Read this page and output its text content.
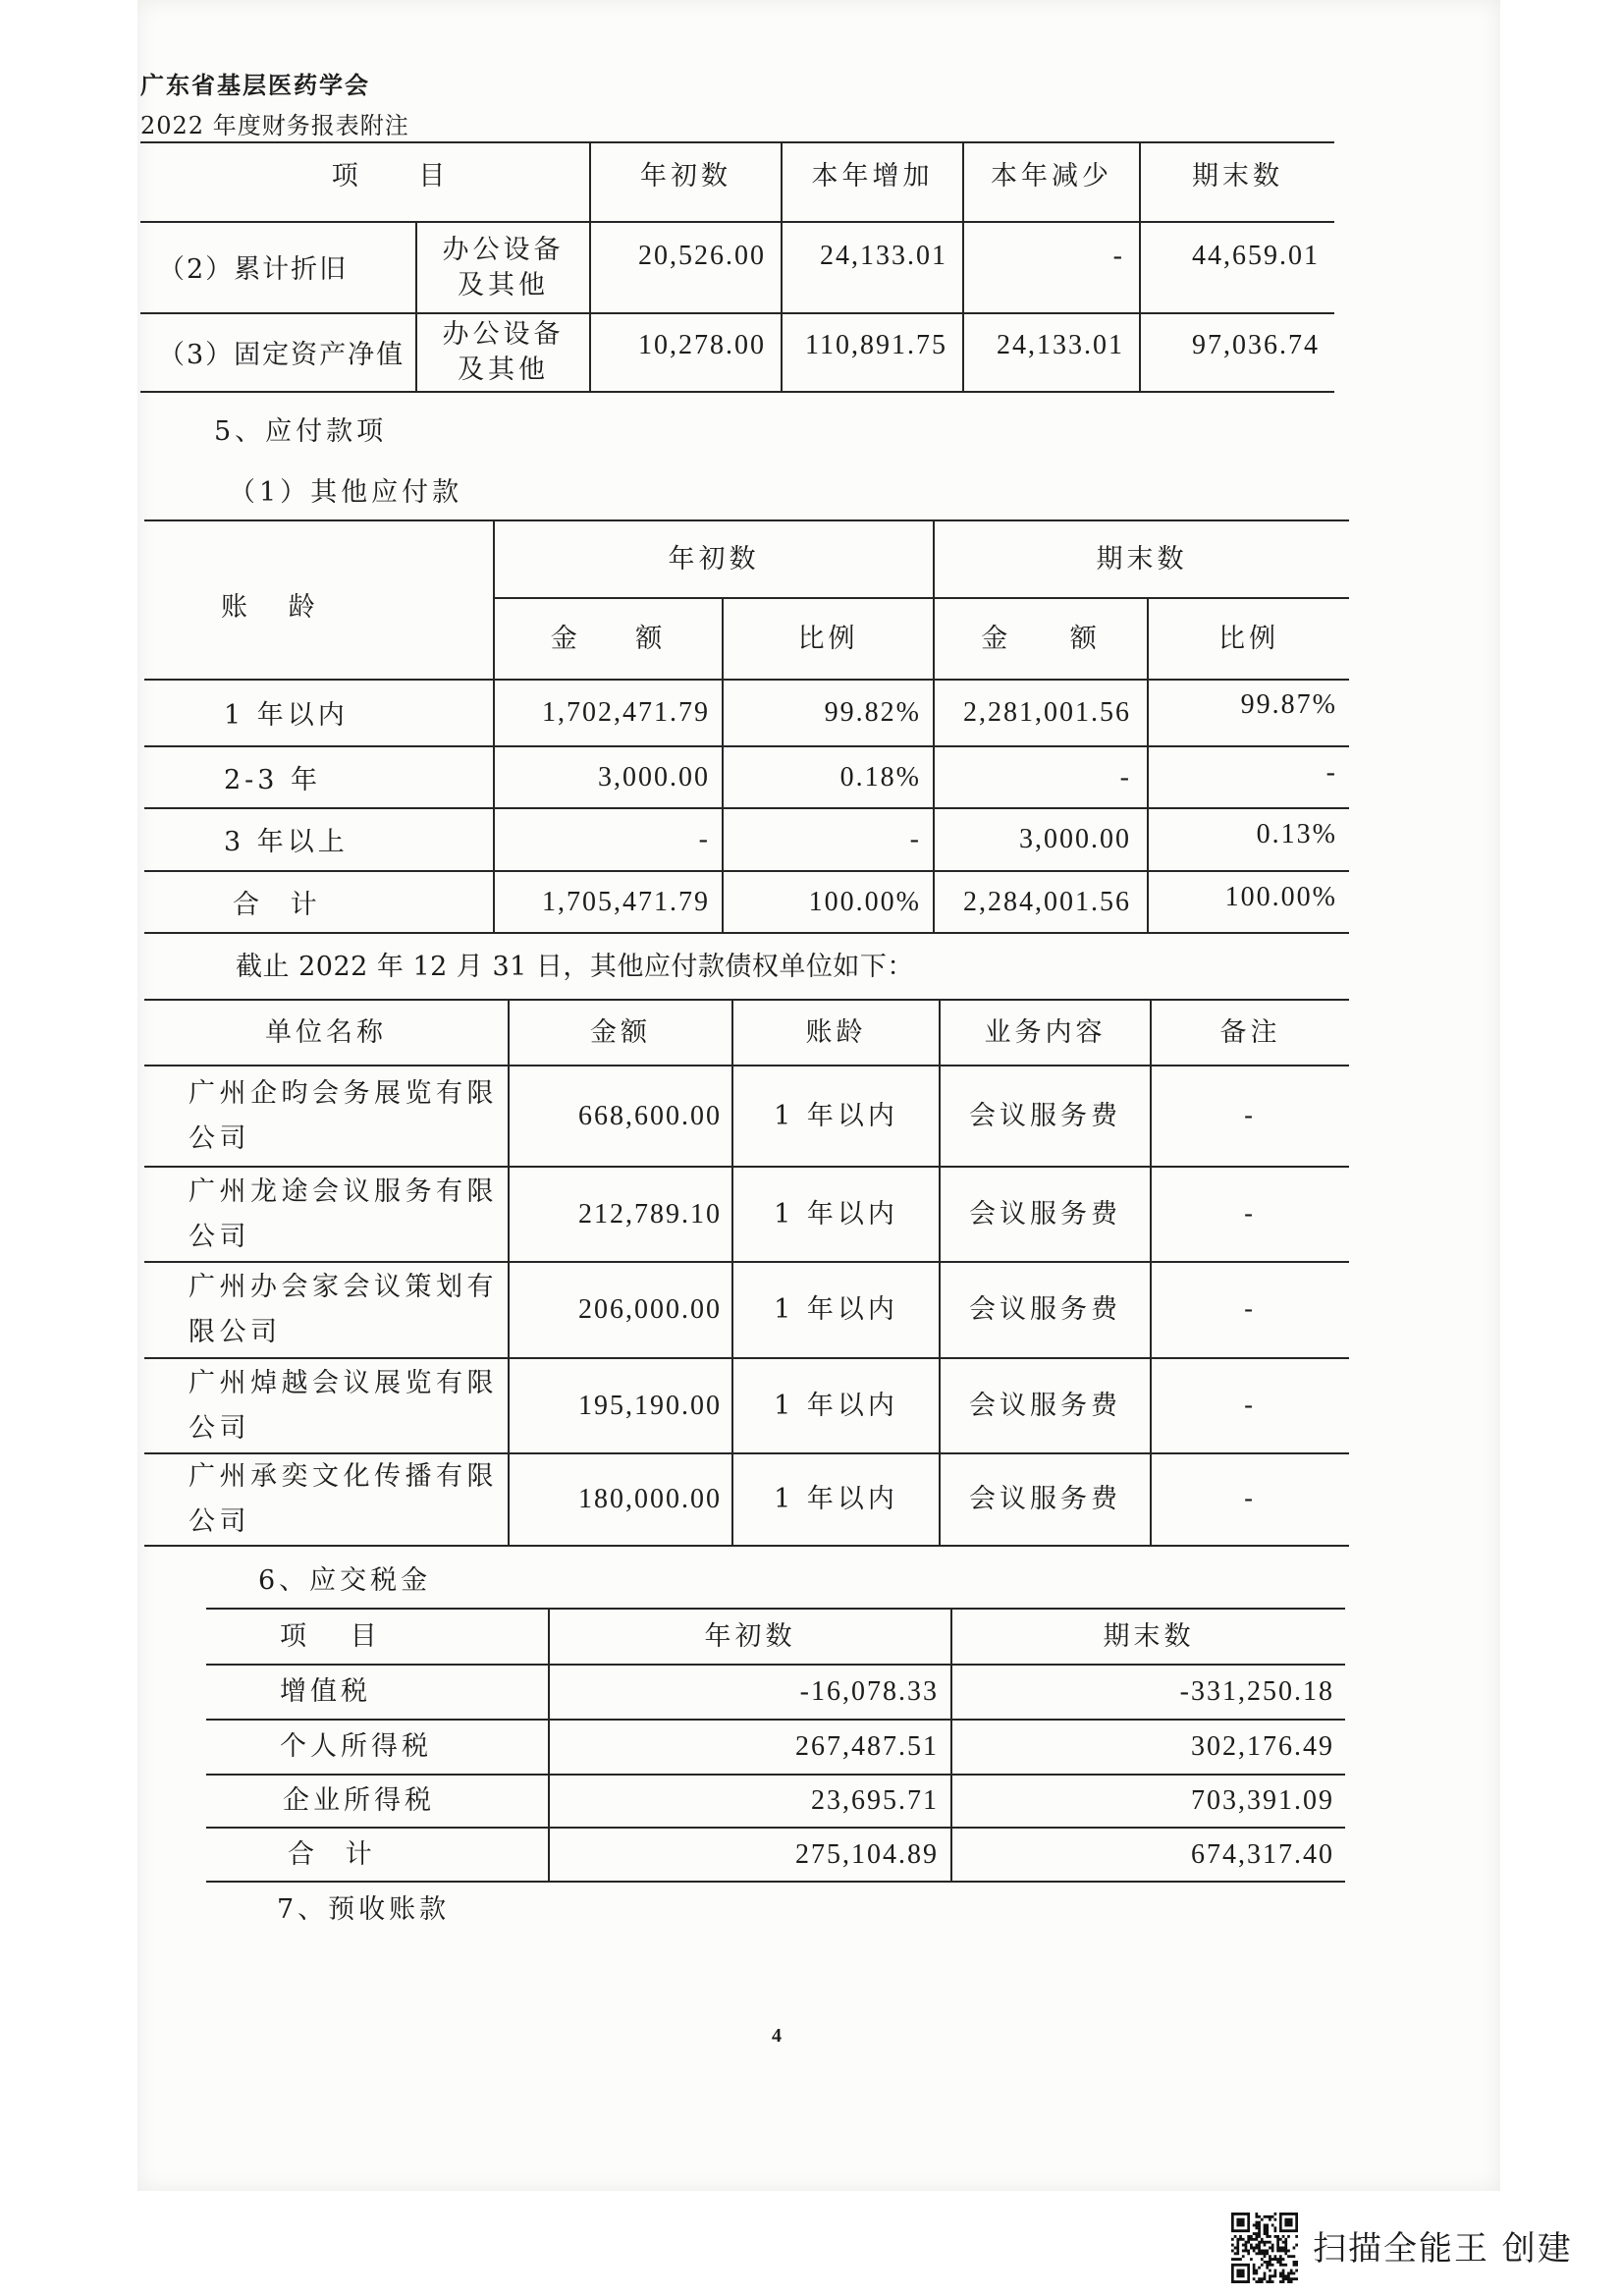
广东省基层医药学会
2022 年度财务报表附注
项 目		年初数	本年增加	本年减少	期末数
（2）累计折旧	办公设备
及其他	20,526.00	24,133.01	-	44,659.01
（3）固定资产净值	办公设备
及其他	10,278.00	110,891.75	24,133.01	97,036.74
5、应付款项
（1）其他应付款
账 龄	年初数		期末数	
	金 额	比例	金 额	比例
1 年以内	1,702,471.79	99.82%	2,281,001.56	99.87%
2-3 年	3,000.00	0.18%	-	-
3 年以上	-	-	3,000.00	0.13%
合 计	1,705,471.79	100.00%	2,284,001.56	100.00%
截止 2022 年 12 月 31 日，其他应付款债权单位如下：
单位名称	金额	账龄	业务内容	备注

广州企昀会务展览有限
公司	668,600.00	1 年以内	会议服务费	-

广州龙途会议服务有限
公司	212,789.10	1 年以内	会议服务费	-

广州办会家会议策划有
限公司	206,000.00	1 年以内	会议服务费	-

广州焯越会议展览有限
公司	195,190.00	1 年以内	会议服务费	-

广州承奕文化传播有限
公司	180,000.00	1 年以内	会议服务费	-
6、应交税金
项 目	年初数	期末数
增值税	-16,078.33	-331,250.18
个人所得税	267,487.51	302,176.49
企业所得税	23,695.71	703,391.09
合 计	275,104.89	674,317.40
7、预收账款
4
扫描全能王 创建
